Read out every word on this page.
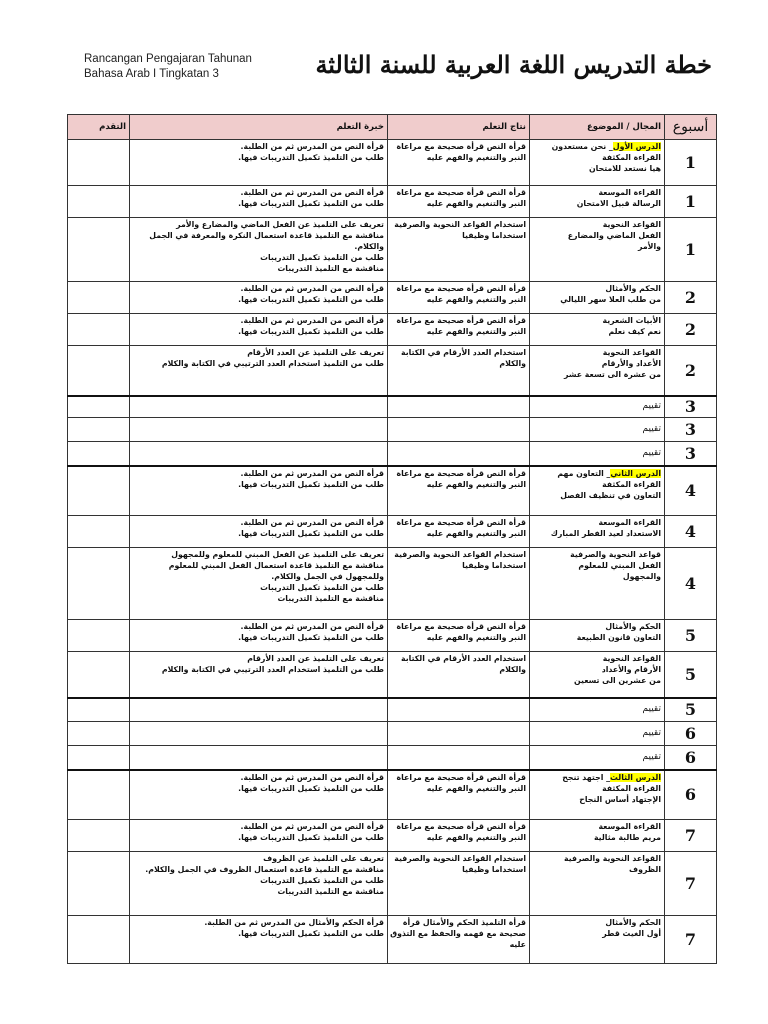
Rancangan Pengajaran Tahunan
Bahasa Arab I Tingkatan 3	خطة التدريس اللغة العربية للسنة الثالثة
أسبوع	المجال / الموضوع	نتاج التعلم	خبرة التعلم	التقدم
1	الدرس الأول_ نحن مستعدون
القراءة المكثفة
هيا نستعد للامتحان	قرأة النص قرأة صحيحة مع مراعاة
النبر والتنغيم والفهم عليه	قرأة النص من المدرس ثم من الطلبة.
طلب من التلميذ تكميل التدريبات فيها.	

1	القراءة الموسعة
الرسالة قبيل الامتحان	قرأة النص قرأة صحيحة مع مراعاة
النبر والتنغيم والفهم عليه	قرأة النص من المدرس ثم من الطلبة.
طلب من التلميذ تكميل التدريبات فيها.	

1	القواعد النحوية
الفعل الماضي والمضارع
والأمر	استخدام القواعد النحوية والصرفية
استخداما وظيفيا	تعريف على التلميذ عن الفعل الماضي والمضارع والأمر
مناقشة مع التلميذ قاعدة استعمال النكرة والمعرفة في الجمل
والكلام.
طلب من التلميذ تكميل التدريبات
مناقشة مع التلميذ التدريبات	

2	الحكم والأمثال
من طلب العلا سهر الليالي	قرأة النص قرأة صحيحة مع مراعاة
النبر والتنغيم والفهم عليه	قرأة النص من المدرس ثم من الطلبة.
طلب من التلميذ تكميل التدريبات فيها.	

2	الأبيات الشعرية
نعم كيف نعلم	قرأة النص قرأة صحيحة مع مراعاة
النبر والتنغيم والفهم عليه	قرأة النص من المدرس ثم من الطلبة.
طلب من التلميذ تكميل التدريبات فيها.	

2	القواعد النحوية
الأعداد والأرقام
من عشرة الى تسعة عشر	استخدام العدد الأرقام في الكتابة
والكلام	تعريف على التلميذ عن العدد الأرقام
طلب من التلميذ استخدام العدد الترتيبي في الكتابة والكلام	

3	تقييم			

3	تقييم			

3	تقييم			

4	الدرس الثاني_ التعاون مهم
القراءة المكثفة
التعاون في تنظيف الفصل	قرأة النص قرأة صحيحة مع مراعاة
النبر والتنغيم والفهم عليه	قرأة النص من المدرس ثم من الطلبة.
طلب من التلميذ تكميل التدريبات فيها.	

4	القراءة الموسعة
الاستعداد لعيد الفطر المبارك	قرأة النص قرأة صحيحة مع مراعاة
النبر والتنغيم والفهم عليه	قرأة النص من المدرس ثم من الطلبة.
طلب من التلميذ تكميل التدريبات فيها.	

4	قواعد النحوية والصرفية
الفعل المبني للمعلوم
والمجهول	استخدام القواعد النحوية والصرفية
استخداما وظيفيا	تعريف على التلميذ عن الفعل المبني للمعلوم وللمجهول
مناقشة مع التلميذ قاعدة استعمال الفعل المبني للمعلوم
وللمجهول في الجمل والكلام.
طلب من التلميذ تكميل التدريبات
مناقشة مع التلميذ التدريبات	

5	الحكم والأمثال
التعاون قانون الطبيعة	قرأة النص قرأة صحيحة مع مراعاة
النبر والتنغيم والفهم عليه	قرأة النص من المدرس ثم من الطلبة.
طلب من التلميذ تكميل التدريبات فيها.	

5	القواعد النحوية
الأرقام والأعداد
من عشرين الى تسعين	استخدام العدد الأرقام في الكتابة
والكلام	تعريف على التلميذ عن العدد الأرقام
طلب من التلميذ استخدام العدد الترتيبي في الكتابة والكلام	

5	تقييم			

6	تقييم			

6	تقييم			

6	الدرس الثالث_ اجتهد تنجح
القراءة المكثفة
الإجتهاد أساس النجاح	قرأة النص قرأة صحيحة مع مراعاة
النبر والتنغيم والفهم عليه	قرأة النص من المدرس ثم من الطلبة.
طلب من التلميذ تكميل التدريبات فيها.	

7	القراءة الموسعة
مريم طالبة مثالية	قرأة النص قرأة صحيحة مع مراعاة
النبر والتنغيم والفهم عليه	قرأة النص من المدرس ثم من الطلبة.
طلب من التلميذ تكميل التدريبات فيها.	

7	القواعد النحوية والصرفية
الظروف	استخدام القواعد النحوية والصرفية
استخداما وظيفيا	تعريف على التلميذ عن الظروف
مناقشة مع التلميذ قاعدة استعمال الظروف في الجمل والكلام.
طلب من التلميذ تكميل التدريبات
مناقشة مع التلميذ التدريبات	

7	الحكم والأمثال
أول الغيث قطر	قرأة التلميذ الحكم والأمثال قرأة
صحيحة مع فهمه والحفظ مع التذوق
عليه	قرأة الحكم والأمثال من المدرس ثم من الطلبة.
طلب من التلميذ تكميل التدريبات فيها.	
